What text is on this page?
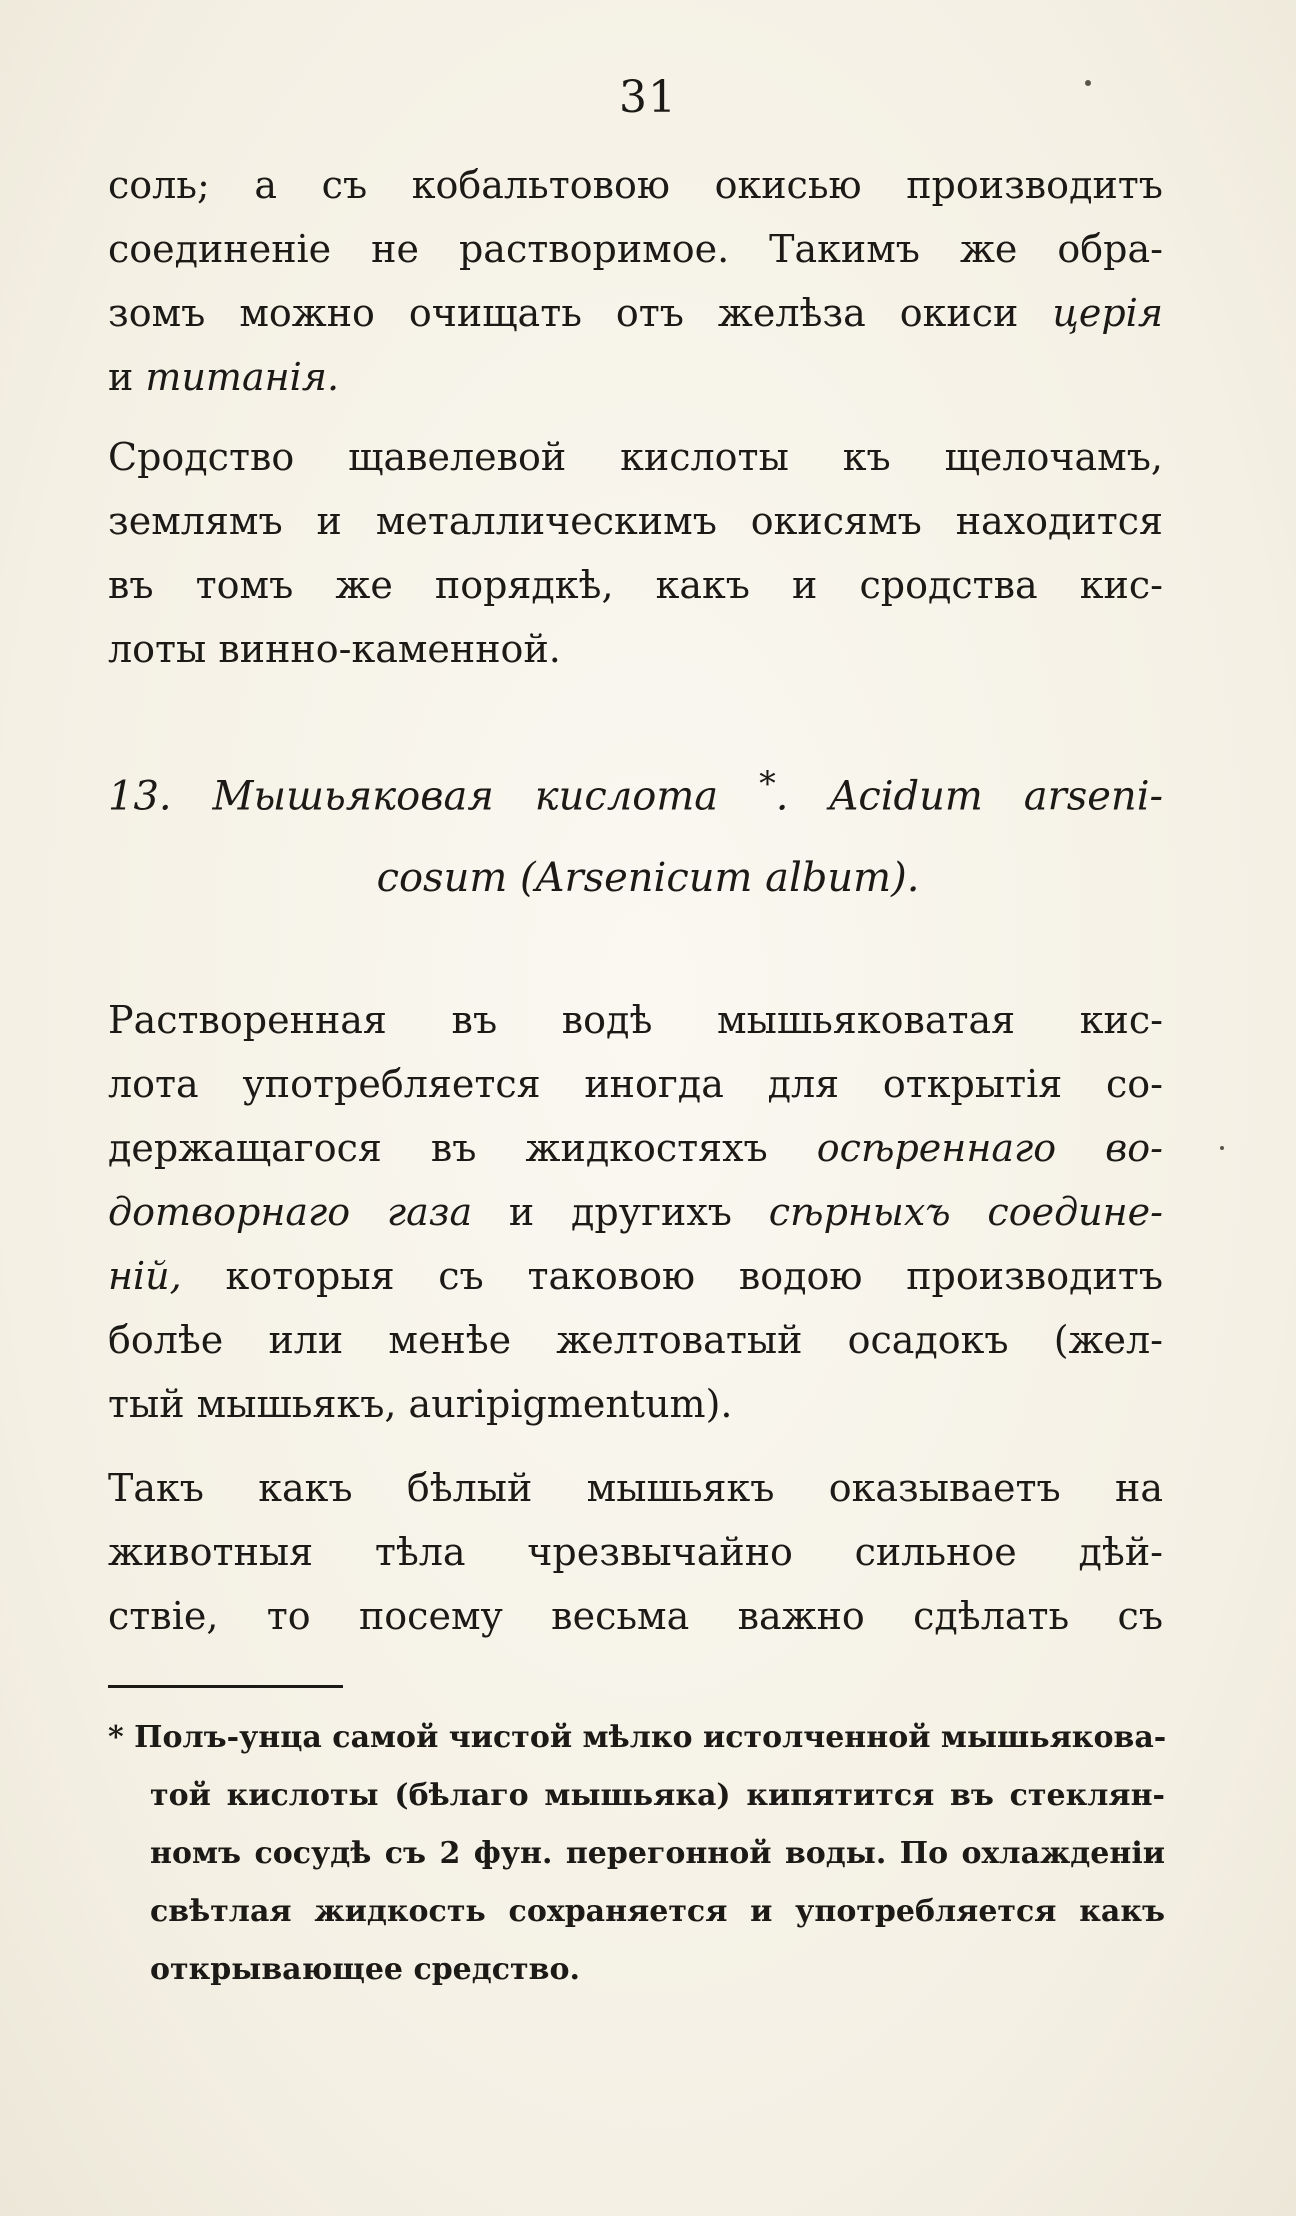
31
соль; а съ кобальтовою окисью производитъ
соединеніе не растворимое. Такимъ же обра-
зомъ можно очищать отъ желѣза окиси церія
и титанія.
Сродство щавелевой кислоты къ щелочамъ,
землямъ и металлическимъ окисямъ находится
въ томъ же порядкѣ, какъ и сродства кис-
лоты винно-каменной.
13. Мышьяковая кислота *. Acidum arseni-
cosum (Arsenicum album).
Растворенная въ водѣ мышьяковатая кис-
лота употребляется иногда для открытія со-
держащагося въ жидкостяхъ осѣреннаго во-
дотворнаго газа и другихъ сѣрныхъ соедине-
ній, которыя съ таковою водою производитъ
болѣе или менѣе желтоватый осадокъ (жел-
тый мышьякъ, auripigmentum).
Такъ какъ бѣлый мышьякъ оказываетъ на
животныя тѣла чрезвычайно сильное дѣй-
ствіе, то посему весьма важно сдѣлать съ
* Полъ-унца самой чистой мѣлко истолченной мышьякова-
той кислоты (бѣлаго мышьяка) кипятится въ стеклян-
номъ сосудѣ съ 2 фун. перегонной воды. По охлажденіи
свѣтлая жидкость сохраняется и употребляется какъ
открывающее средство.
